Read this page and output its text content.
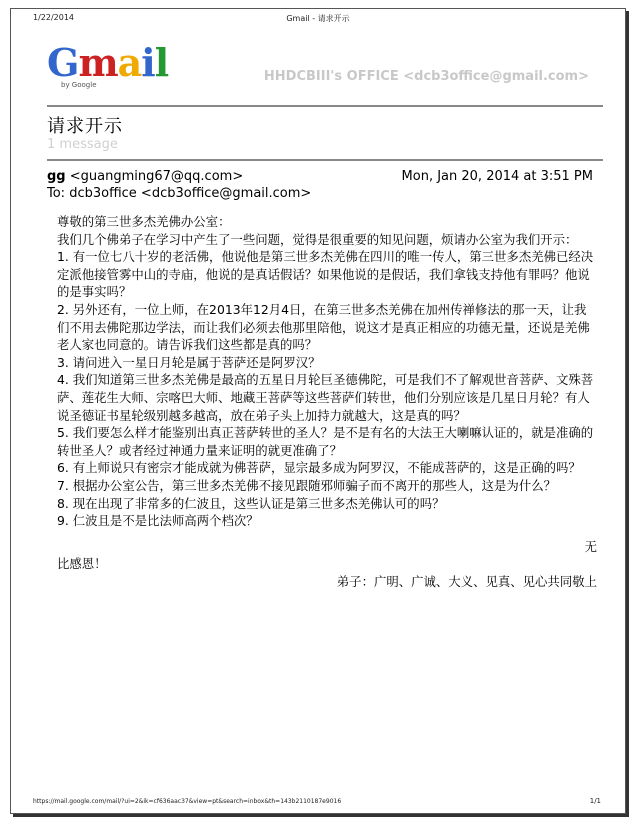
1/22/2014	Gmail - 请求开示
Gmail
by Google
HHDCBIII's OFFICE <dcb3office@gmail.com>
请求开示
1 message
gg <guangming67@qq.com>	Mon, Jan 20, 2014 at 3:51 PM
To: dcb3office <dcb3office@gmail.com>

尊敬的第三世多杰羌佛办公室：

我们几个佛弟子在学习中产生了一些问题，觉得是很重要的知见问题，烦请办公室为我们开示：

1. 有一位七八十岁的老活佛，他说他是第三世多杰羌佛在四川的唯一传人，第三世多杰羌佛已经决定派他接管雾中山的寺庙，他说的是真话假话？如果他说的是假话，我们拿钱支持他有罪吗？他说的是事实吗？

2. 另外还有，一位上师，在2013年12月4日，在第三世多杰羌佛在加州传禅修法的那一天，让我们不用去佛陀那边学法，而让我们必须去他那里陪他，说这才是真正相应的功德无量，还说是羌佛老人家也同意的。请告诉我们这些都是真的吗？

3. 请问进入一星日月轮是属于菩萨还是阿罗汉？

4. 我们知道第三世多杰羌佛是最高的五星日月轮巨圣德佛陀，可是我们不了解观世音菩萨、文殊菩萨、莲花生大师、宗喀巴大师、地藏王菩萨等这些菩萨们转世，他们分别应该是几星日月轮？有人说圣德证书星轮级别越多越高，放在弟子头上加持力就越大，这是真的吗？

5. 我们要怎么样才能鉴别出真正菩萨转世的圣人？是不是有名的大法王大喇嘛认证的，就是准确的转世圣人？或者经过神通力量来证明的就更准确了？

6. 有上师说只有密宗才能成就为佛菩萨，显宗最多成为阿罗汉，不能成菩萨的，这是正确的吗？

7. 根据办公室公告，第三世多杰羌佛不接见跟随邪师骗子而不离开的那些人，这是为什么？

8. 现在出现了非常多的仁波且，这些认证是第三世多杰羌佛认可的吗？

9. 仁波且是不是比法师高两个档次？

无

比感恩！

弟子：广明、广诚、大义、见真、见心共同敬上

https://mail.google.com/mail/?ui=2&ik=cf636aac37&view=pt&search=inbox&th=143b2110187e9016	1/1
